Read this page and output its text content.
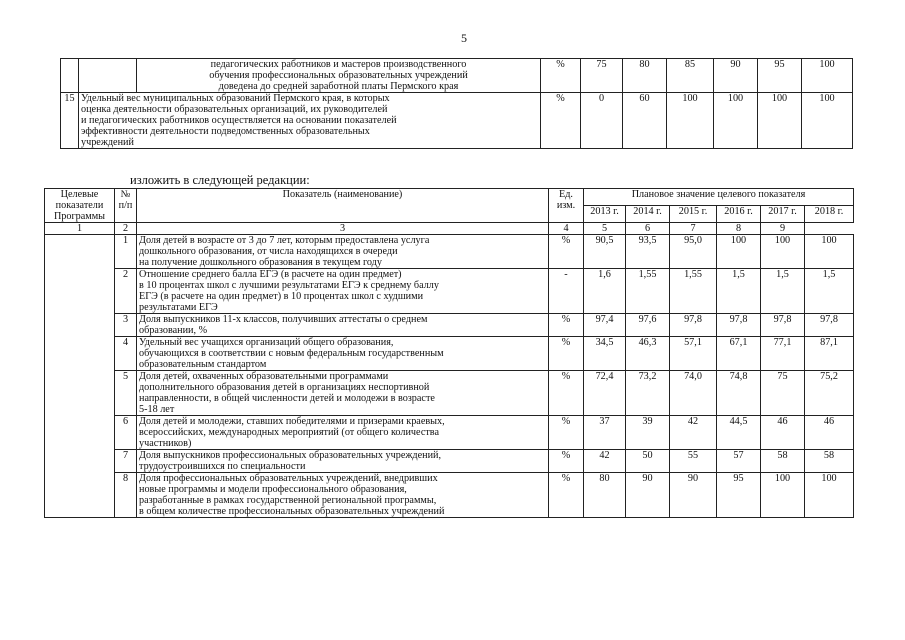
5
		педагогических работников и мастеров производственного
обучения профессиональных образовательных учреждений
доведена до средней заработной платы Пермского края	%	75	80	85	90	95	100
15	Удельный вес муниципальных образований Пермского края, в которых
оценка деятельности образовательных организаций, их руководителей
и педагогических работников осуществляется на основании показателей
эффективности деятельности подведомственных образовательных
учреждений		%	0	60	100	100	100	100
изложить в следующей редакции:
Целевые
показатели
Программы	№
п/п	Показатель (наименование)	Ед.
изм.	Плановое значение целевого показателя					
				2013 г.	2014 г.	2015 г.	2016 г.	2017 г.	2018 г.
1	2	3	4	5	6	7	8	9	
	1	Доля детей в возрасте от 3 до 7 лет, которым предоставлена услуга
дошкольного образования, от числа находящихся в очереди
на получение дошкольного образования в текущем году	%	90,5	93,5	95,0	100	100	100
	2	Отношение среднего балла ЕГЭ (в расчете на один предмет)
в 10 процентах школ с лучшими результатами ЕГЭ к среднему баллу
ЕГЭ (в расчете на один предмет) в 10 процентах школ с худшими
результатами ЕГЭ	-	1,6	1,55	1,55	1,5	1,5	1,5
	3	Доля выпускников 11-х классов, получивших аттестаты о среднем
образовании, %	%	97,4	97,6	97,8	97,8	97,8	97,8
	4	Удельный вес учащихся организаций общего образования,
обучающихся в соответствии с новым федеральным государственным
образовательным стандартом	%	34,5	46,3	57,1	67,1	77,1	87,1
	5	Доля детей, охваченных образовательными программами
дополнительного образования детей в организациях неспортивной
направленности, в общей численности детей и молодежи в возрасте
5-18 лет	%	72,4	73,2	74,0	74,8	75	75,2
	6	Доля детей и молодежи, ставших победителями и призерами краевых,
всероссийских, международных мероприятий (от общего количества
участников)	%	37	39	42	44,5	46	46
	7	Доля выпускников профессиональных образовательных учреждений,
трудоустроившихся по специальности	%	42	50	55	57	58	58
	8	Доля профессиональных образовательных учреждений, внедривших
новые программы и модели профессионального образования,
разработанные в рамках государственной региональной программы,
в общем количестве профессиональных образовательных учреждений	%	80	90	90	95	100	100
